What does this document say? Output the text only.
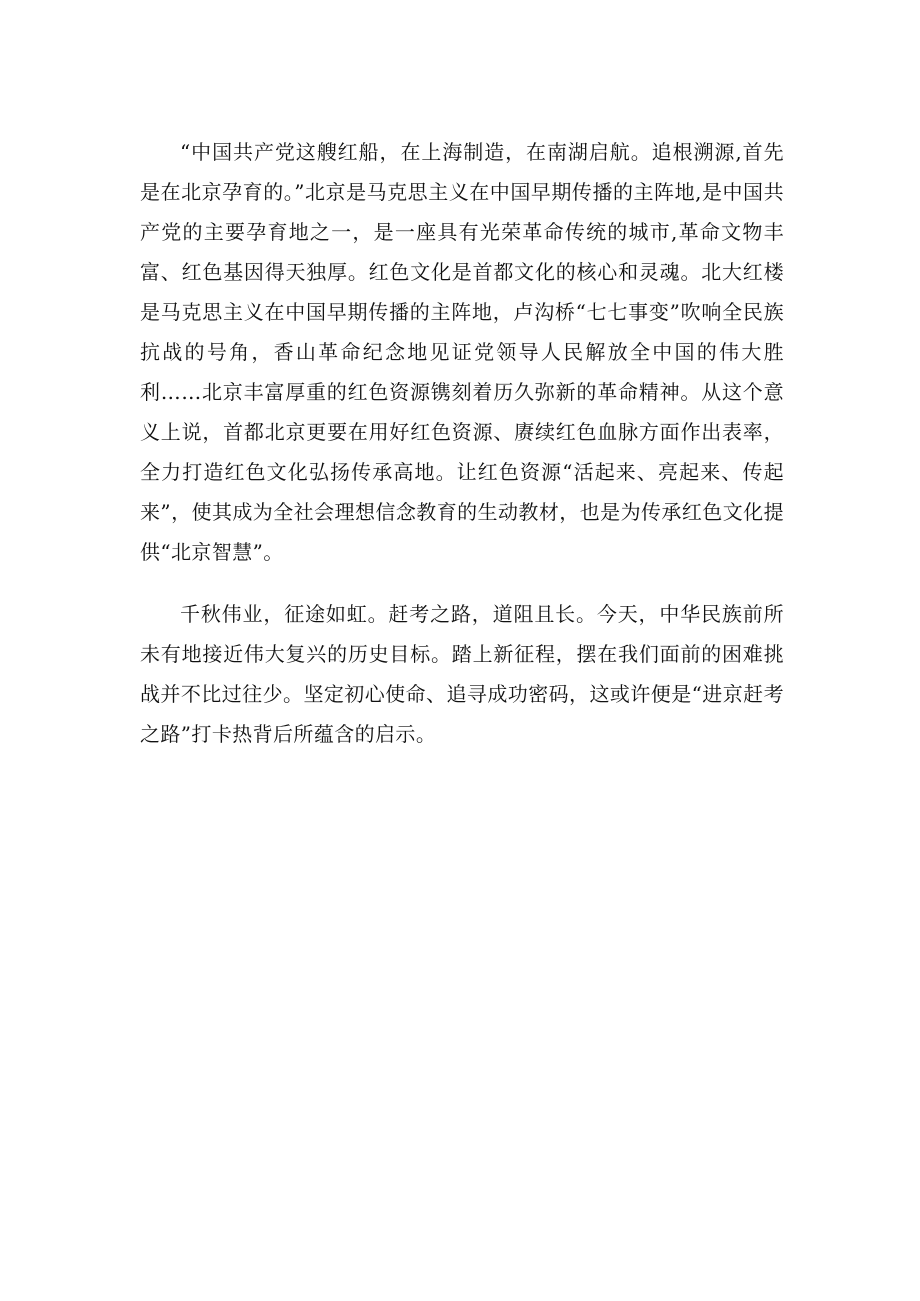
“中国共产党这艘红船，在上海制造，在南湖启航。追根溯源,首先是在北京孕育的。”北京是马克思主义在中国早期传播的主阵地,是中国共产党的主要孕育地之一，是一座具有光荣革命传统的城市,革命文物丰富、红色基因得天独厚。红色文化是首都文化的核心和灵魂。北大红楼是马克思主义在中国早期传播的主阵地，卢沟桥“七七事变”吹响全民族抗战的号角，香山革命纪念地见证党领导人民解放全中国的伟大胜利……北京丰富厚重的红色资源镌刻着历久弥新的革命精神。从这个意义上说，首都北京更要在用好红色资源、赓续红色血脉方面作出表率，全力打造红色文化弘扬传承高地。让红色资源“活起来、亮起来、传起来”，使其成为全社会理想信念教育的生动教材，也是为传承红色文化提供“北京智慧”。

千秋伟业，征途如虹。赶考之路，道阻且长。今天，中华民族前所未有地接近伟大复兴的历史目标。踏上新征程，摆在我们面前的困难挑战并不比过往少。坚定初心使命、追寻成功密码，这或许便是“进京赶考之路”打卡热背后所蕴含的启示。
